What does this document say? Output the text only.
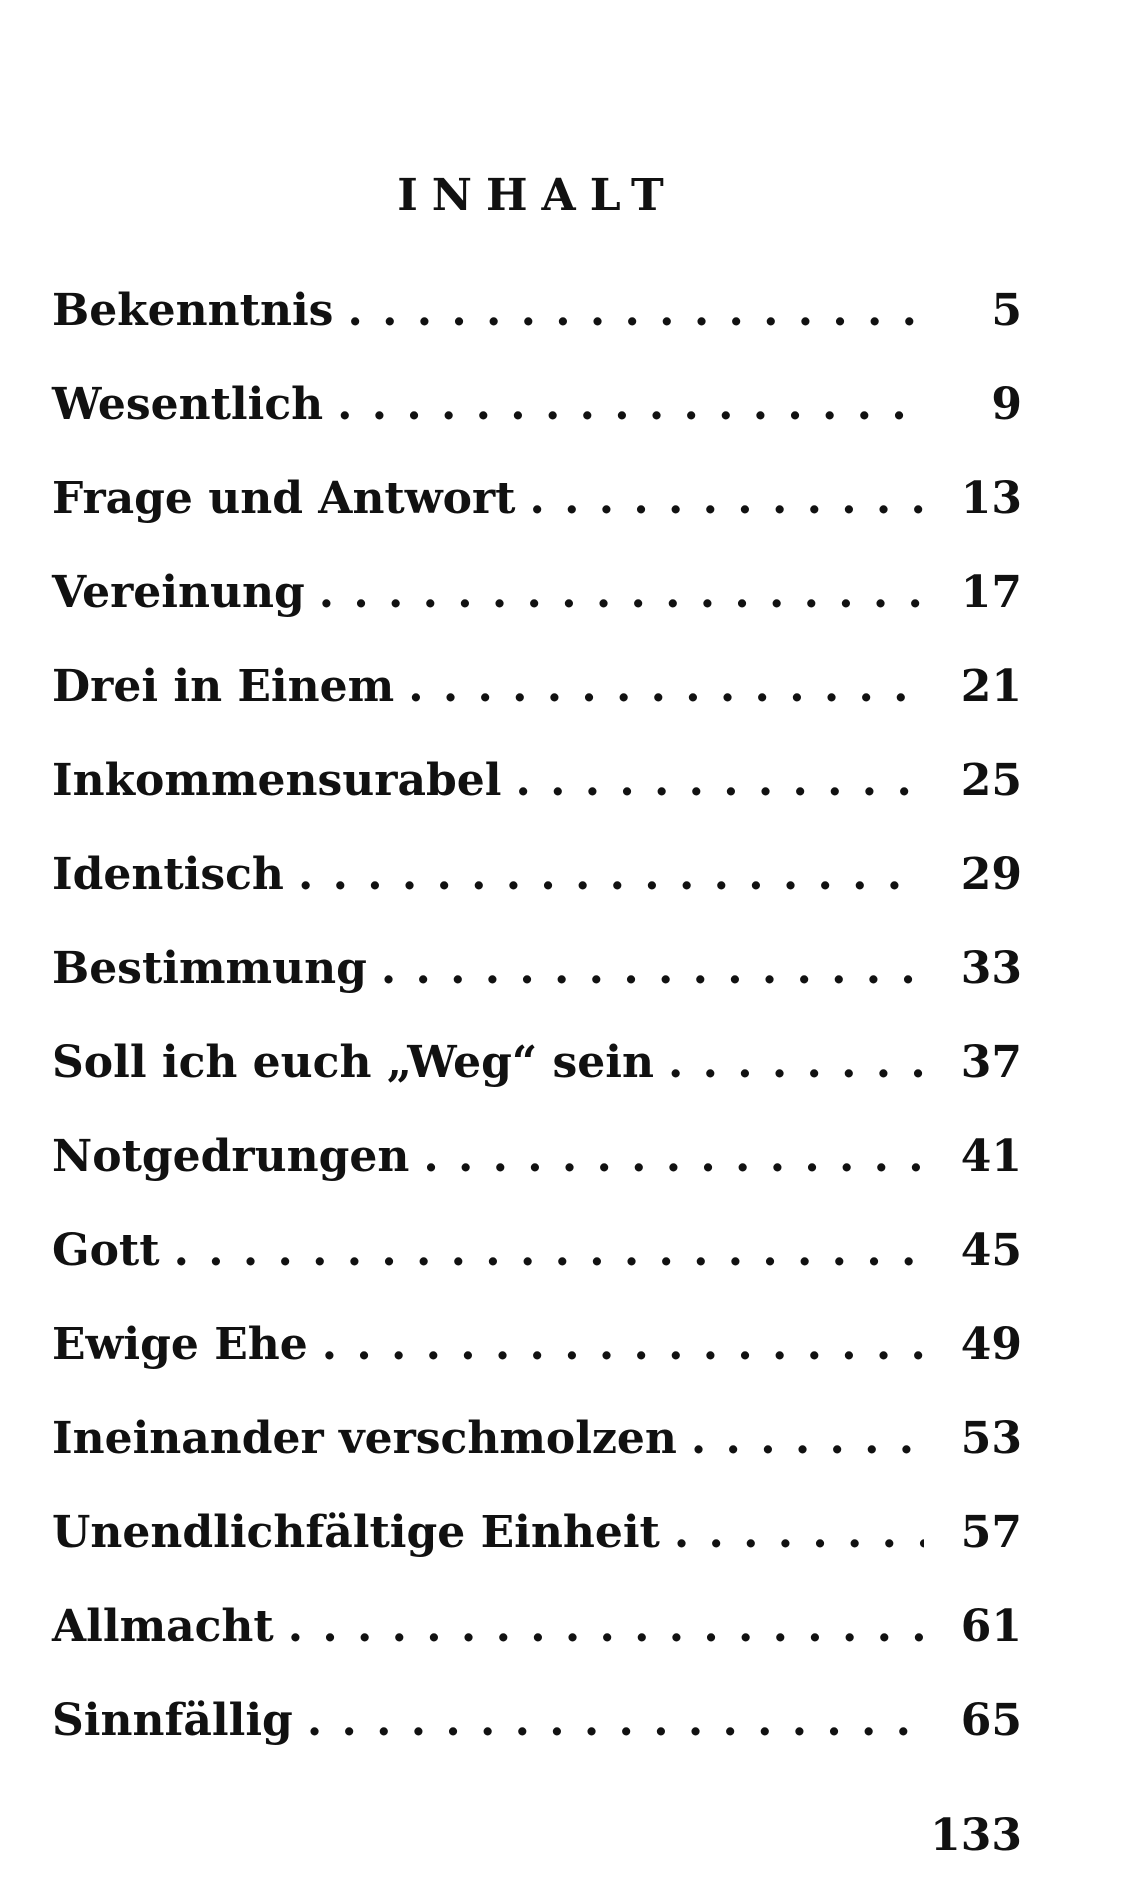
INHALT
Bekenntnis . . .	5
Wesentlich . . .	9
Frage und Antwort . . .	13
Vereinung . . .	17
Drei in Einem . . .	21
Inkommensurabel . . .	25
Identisch . . .	29
Bestimmung . . .	33
Soll ich euch „Weg“ sein . . .	37
Notgedrungen . . .	41
Gott . . .	45
Ewige Ehe . . .	49
Ineinander verschmolzen . . .	53
Unendlichfältige Einheit . . .	57
Allmacht . . .	61
Sinnfällig . . .	65
133
